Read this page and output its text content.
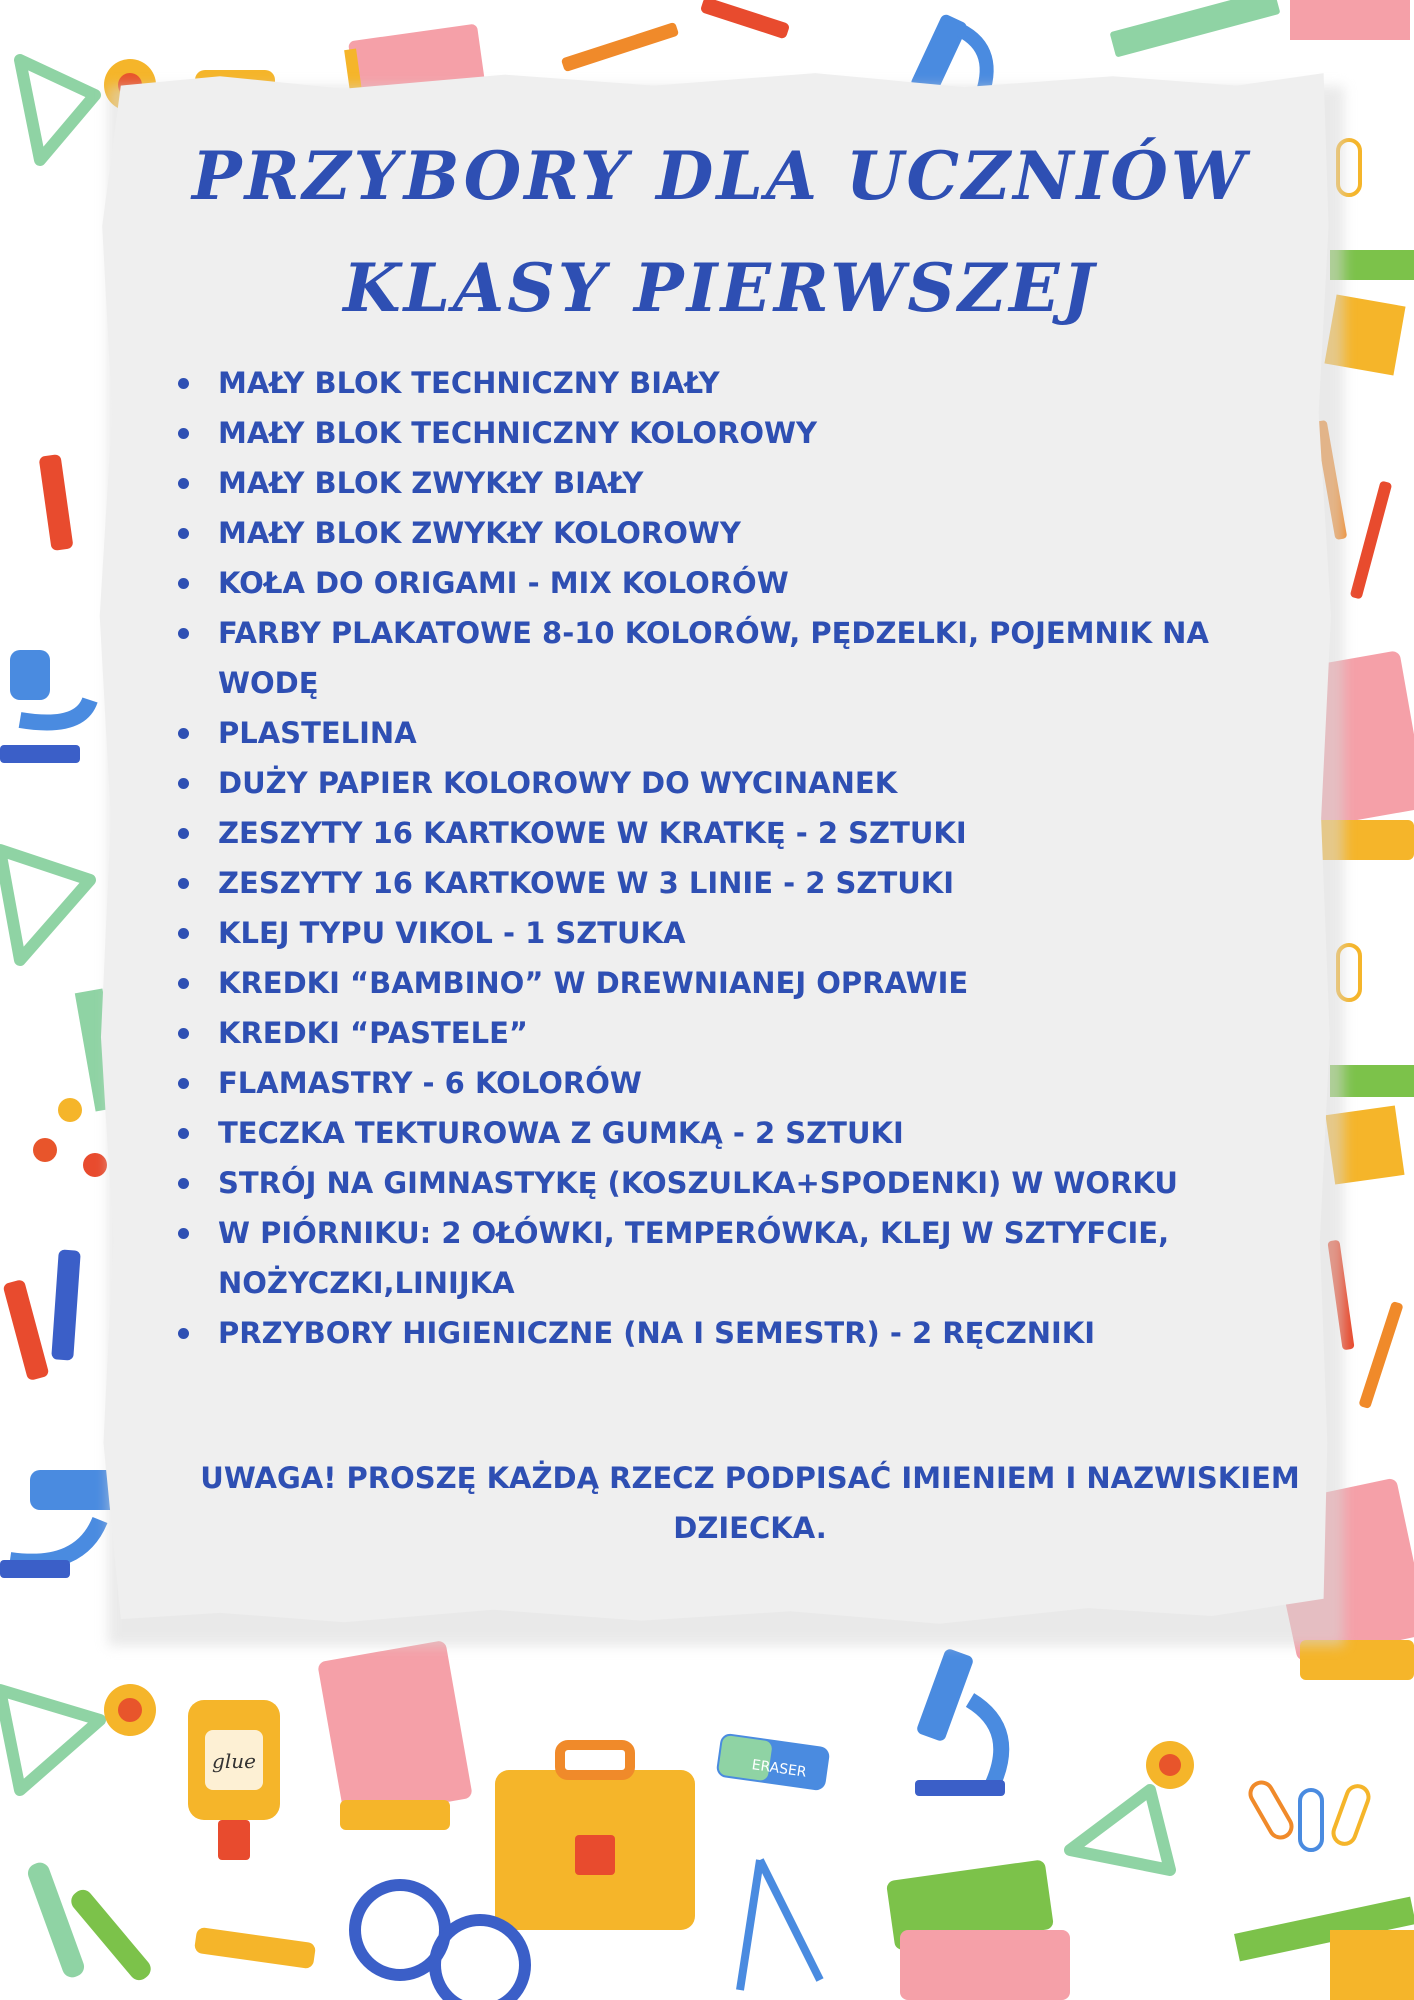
glue	ERASER
PRZYBORY DLA UCZNIÓW
KLASY PIERWSZEJ
MAŁY BLOK TECHNICZNY BIAŁY
MAŁY BLOK TECHNICZNY KOLOROWY
MAŁY BLOK ZWYKŁY BIAŁY
MAŁY BLOK ZWYKŁY KOLOROWY
KOŁA DO ORIGAMI - MIX KOLORÓW
FARBY PLAKATOWE 8-10 KOLORÓW, PĘDZELKI, POJEMNIK NA WODĘ
PLASTELINA
DUŻY PAPIER KOLOROWY DO WYCINANEK
ZESZYTY 16 KARTKOWE W KRATKĘ - 2 SZTUKI
ZESZYTY 16 KARTKOWE W 3 LINIE - 2 SZTUKI
KLEJ TYPU VIKOL - 1 SZTUKA
KREDKI “BAMBINO” W DREWNIANEJ OPRAWIE
KREDKI “PASTELE”
FLAMASTRY - 6 KOLORÓW
TECZKA TEKTUROWA Z GUMKĄ - 2 SZTUKI
STRÓJ NA GIMNASTYKĘ (KOSZULKA+SPODENKI) W WORKU
W PIÓRNIKU: 2 OŁÓWKI, TEMPERÓWKA, KLEJ W SZTYFCIE, NOŻYCZKI,LINIJKA
PRZYBORY HIGIENICZNE (NA I SEMESTR) - 2 RĘCZNIKI

UWAGA! PROSZĘ KAŻDĄ RZECZ PODPISAĆ IMIENIEM I NAZWISKIEM DZIECKA.
